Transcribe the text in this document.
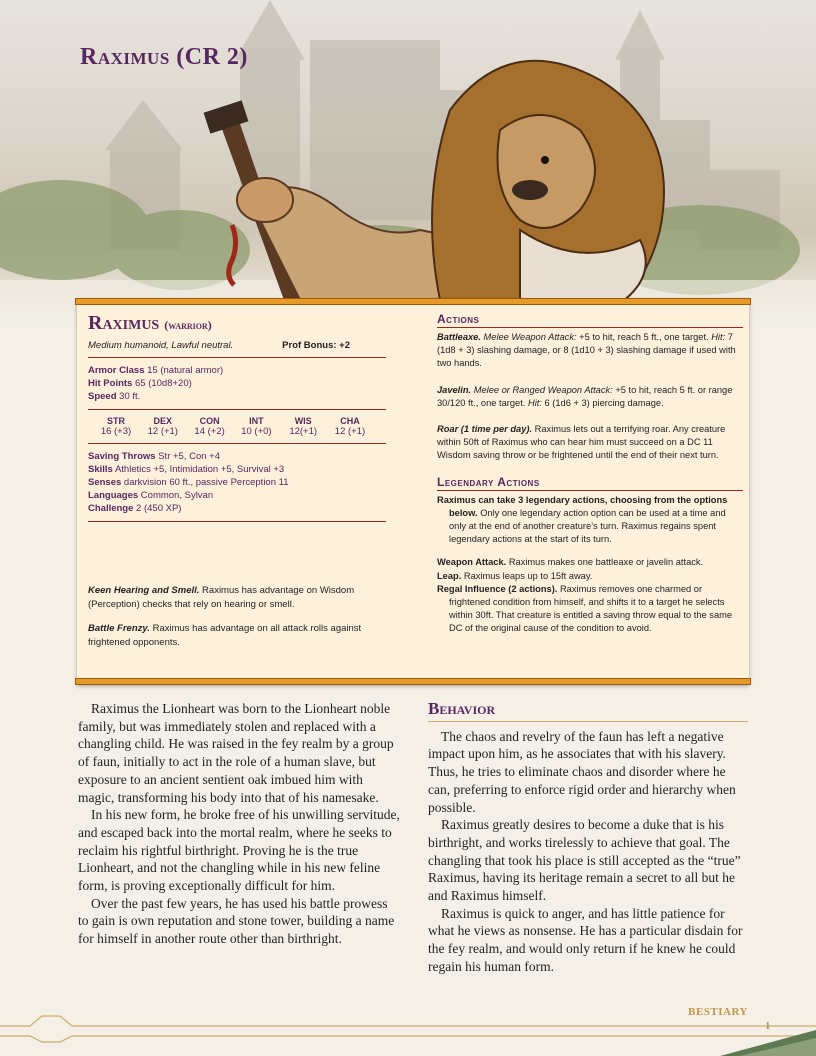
Raximus (CR 2)
Raximus (warrior)
Medium humanoid, Lawful neutral.	Prof Bonus: +2
Armor Class 15 (natural armor)
Hit Points 65 (10d8+20)
Speed 30 ft.
STR
16 (+3)
DEX
12 (+1)
CON
14 (+2)
INT
10 (+0)
WIS
12(+1)
CHA
12 (+1)
Saving Throws Str +5, Con +4
Skills Athletics +5, Intimidation +5, Survival +3
Senses darkvision 60 ft., passive Perception 11
Languages Common, Sylvan
Challenge 2 (450 XP)
Keen Hearing and Smell. Raximus has advantage on Wisdom (Perception) checks that rely on hearing or smell.
Battle Frenzy. Raximus has advantage on all attack rolls against frightened opponents.
Actions
Battleaxe. Melee Weapon Attack: +5 to hit, reach 5 ft., one target. Hit: 7 (1d8 + 3) slashing damage, or 8 (1d10 + 3) slashing damage if used with two hands.
Javelin. Melee or Ranged Weapon Attack: +5 to hit, reach 5 ft. or range 30/120 ft., one target. Hit: 6 (1d6 + 3) piercing damage.
Roar (1 time per day). Raximus lets out a terrifying roar. Any creature within 50ft of Raximus who can hear him must succeed on a DC 11 Wisdom saving throw or be frightened until the end of their next turn.
Legendary Actions
Raximus can take 3 legendary actions, choosing from the options below. Only one legendary action option can be used at a time and only at the end of another creature’s turn. Raximus regains spent legendary actions at the start of its turn.
Weapon Attack. Raximus makes one battleaxe or javelin attack.
Leap. Raximus leaps up to 15ft away.
Regal Influence (2 actions). Raximus removes one charmed or frightened condition from himself, and shifts it to a target he selects within 30ft. That creature is entitled a saving throw equal to the same DC of the original cause of the condition to avoid.

Raximus the Lionheart was born to the Lionheart noble family, but was immediately stolen and replaced with a changling child. He was raised in the fey realm by a group of faun, initially to act in the role of a human slave, but exposure to an ancient sentient oak imbued him with magic, transforming his body into that of his namesake.

In his new form, he broke free of his unwilling servitude, and escaped back into the mortal realm, where he seeks to reclaim his rightful birthright. Proving he is the true Lionheart, and not the changling while in his new feline form, is proving exceptionally difficult for him.

Over the past few years, he has used his battle prowess to gain is own reputation and stone tower, building a name for himself in another route other than birthright.

Behavior

The chaos and revelry of the faun has left a negative impact upon him, as he associates that with his slavery. Thus, he tries to eliminate chaos and disorder where he can, preferring to enforce rigid order and hierarchy when possible.

Raximus greatly desires to become a duke that is his birthright, and works tirelessly to achieve that goal. The changling that took his place is still accepted as the “true” Raximus, having its heritage remain a secret to all but he and Raximus himself.

Raximus is quick to anger, and has little patience for what he views as nonsense. He has a particular disdain for the fey realm, and would only return if he knew he could regain his human form.

BESTIARY
1
